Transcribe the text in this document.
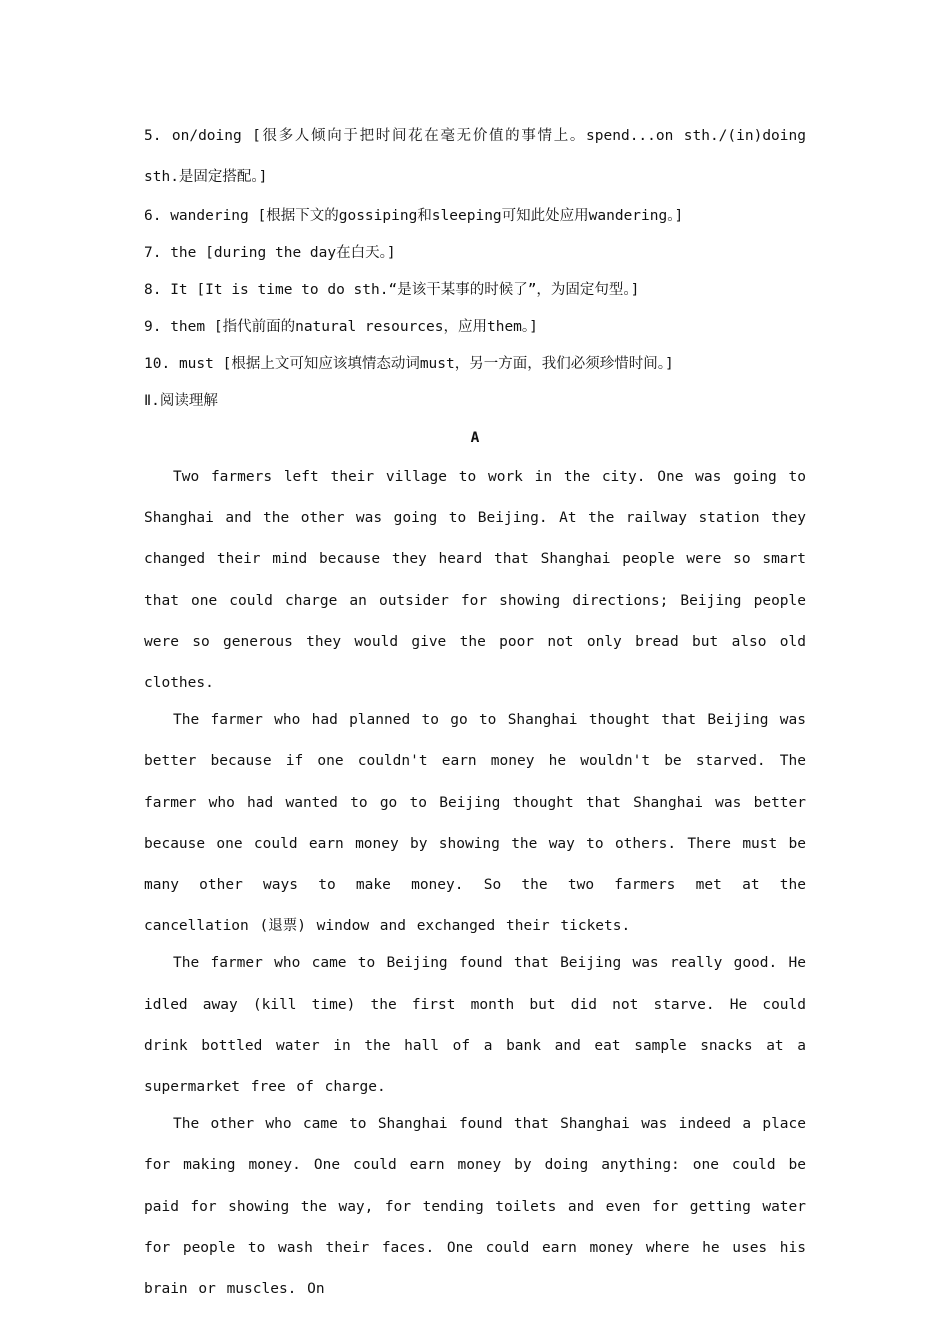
5. on/doing [很多人倾向于把时间花在毫无价值的事情上。spend...on sth./(in)doing sth.是固定搭配。]
6. wandering [根据下文的gossiping和sleeping可知此处应用wandering。]
7. the [during the day在白天。]
8. It [It is time to do sth.“是该干某事的时候了”，为固定句型。]
9. them [指代前面的natural resources，应用them。]
10. must [根据上文可知应该填情态动词must，另一方面，我们必须珍惜时间。]
Ⅱ.阅读理解
A

Two farmers left their village to work in the city. One was going to Shanghai and the other was going to Beijing. At the railway station they changed their mind because they heard that Shanghai people were so smart that one could charge an outsider for showing directions; Beijing people were so generous they would give the poor not only bread but also old clothes.

The farmer who had planned to go to Shanghai thought that Beijing was better because if one couldn't earn money he wouldn't be starved. The farmer who had wanted to go to Beijing thought that Shanghai was better because one could earn money by showing the way to others. There must be many other ways to make money. So the two farmers met at the cancellation (退票) window and exchanged their tickets.

The farmer who came to Beijing found that Beijing was really good. He idled away (kill time) the first month but did not starve. He could drink bottled water in the hall of a bank and eat sample snacks at a supermarket free of charge.

The other who came to Shanghai found that Shanghai was indeed a place for making money. One could earn money by doing anything: one could be paid for showing the way, for tending toilets and even for getting water for people to wash their faces. One could earn money where he uses his brain or muscles. On
